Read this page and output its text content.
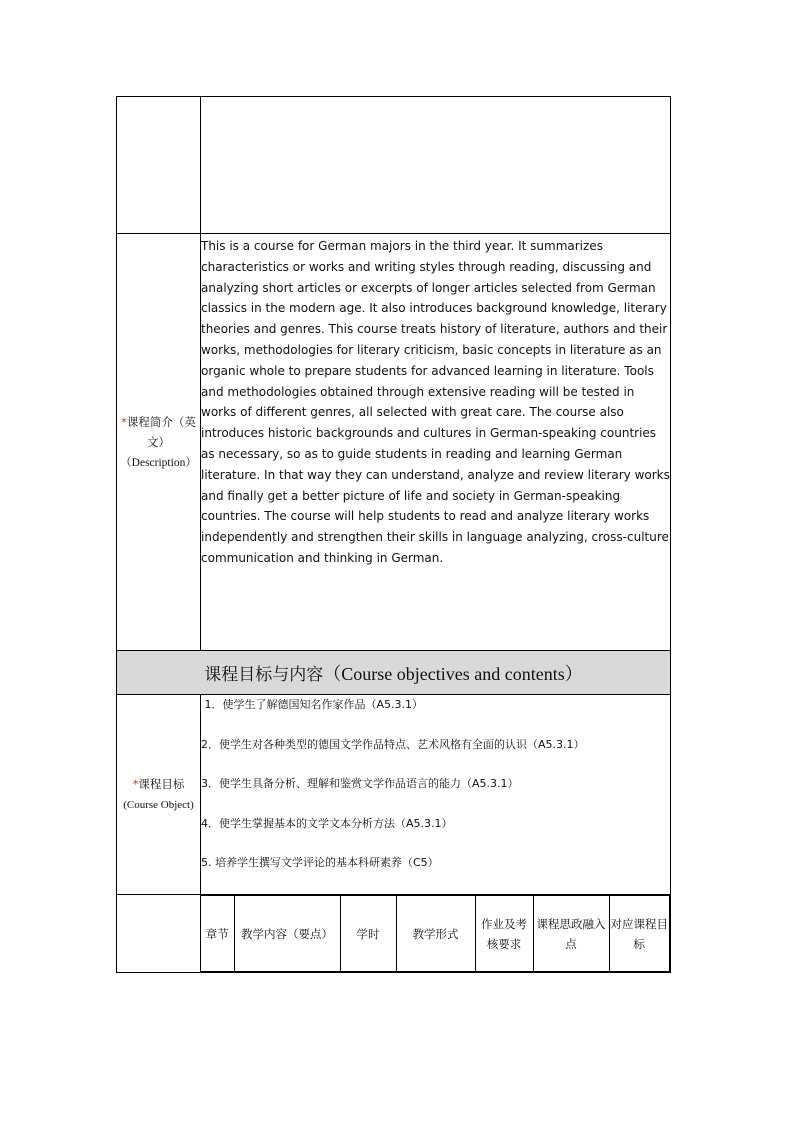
*课程简介（英
文）
（Description）	This is a course for German majors in the third year. It summarizes characteristics or works and writing styles through reading, discussing and analyzing short articles or excerpts of longer articles selected from German classics in the modern age. It also introduces background knowledge, literary theories and genres. This course treats history of literature, authors and their works, methodologies for literary criticism, basic concepts in literature as an organic whole to prepare students for advanced learning in literature. Tools and methodologies obtained through extensive reading will be tested in works of different genres, all selected with great care. The course also introduces historic backgrounds and cultures in German-speaking countries as necessary, so as to guide students in reading and learning German literature. In that way they can understand, analyze and review literary works and finally get a better picture of life and society in German-speaking countries. The course will help students to read and analyze literary works independently and strengthen their skills in language analyzing, cross-culture communication and thinking in German.
课程目标与内容（Course objectives and contents）
*课程目标
(Course Object)	
1．使学生了解德国知名作家作品（A5.3.1）
2．使学生对各种类型的德国文学作品特点、艺术风格有全面的认识（A5.3.1）
3．使学生具备分析、理解和鉴赏文学作品语言的能力（A5.3.1）
4．使学生掌握基本的文学文本分析方法（A5.3.1）
5. 培养学生撰写文学评论的基本科研素养（C5）

章节	教学内容（要点）	学时	教学形式	作业及考核要求	课程思政融入点	对应课程目标
